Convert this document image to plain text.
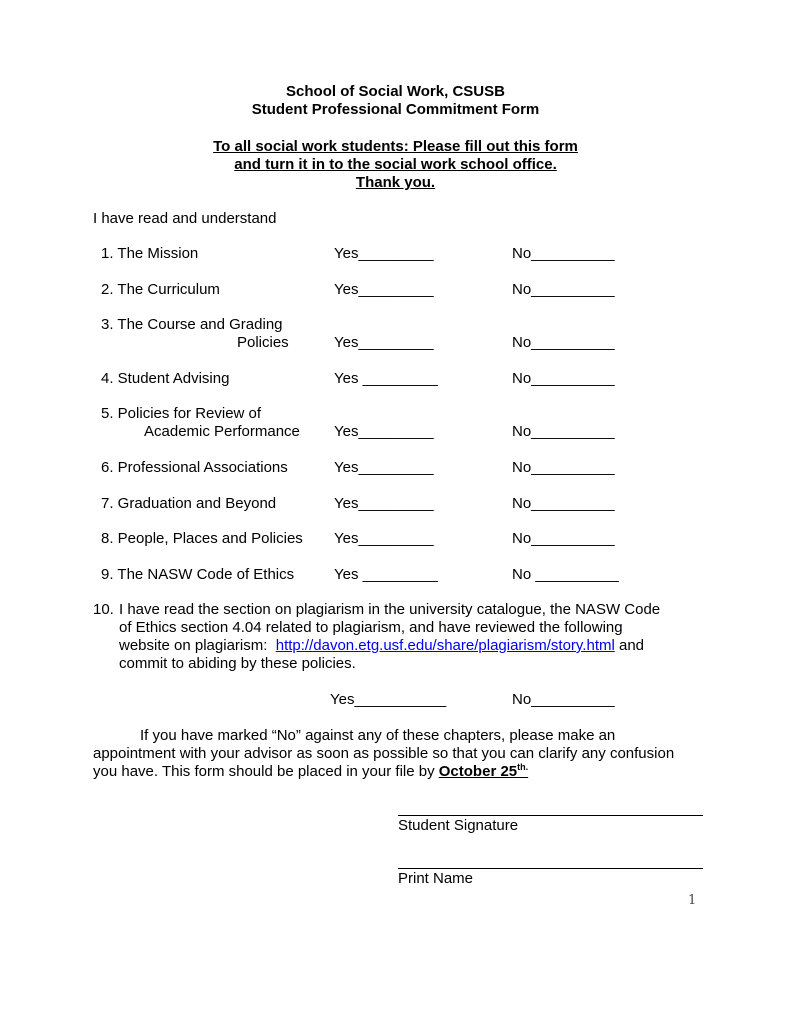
School of Social Work, CSUSB
Student Professional Commitment Form
To all social work students: Please fill out this form
and turn it in to the social work school office.
Thank you.
I have read and understand
1. The Mission	Yes_________	No__________
2. The Curriculum	Yes_________	No__________
3. The Course and Grading
Policies	Yes_________	No__________
4. Student Advising	Yes _________	No__________
5. Policies for Review of
Academic Performance Yes_________	No__________
6. Professional Associations	Yes_________	No__________
7. Graduation and Beyond	Yes_________	No__________
8. People, Places and Policies Yes_________	No__________
9. The NASW Code of Ethics	Yes _________	No __________
10. I have read the section on plagiarism in the university catalogue, the NASW Code
of Ethics section 4.04 related to plagiarism, and have reviewed the following
website on plagiarism: http://davon.etg.usf.edu/share/plagiarism/story.html and
commit to abiding by these policies.
Yes___________	No__________
If you have marked “No” against any of these chapters, please make an
appointment with your advisor as soon as possible so that you can clarify any confusion
you have. This form should be placed in your file by October $25^{th.}$
Student Signature
Print Name
1
